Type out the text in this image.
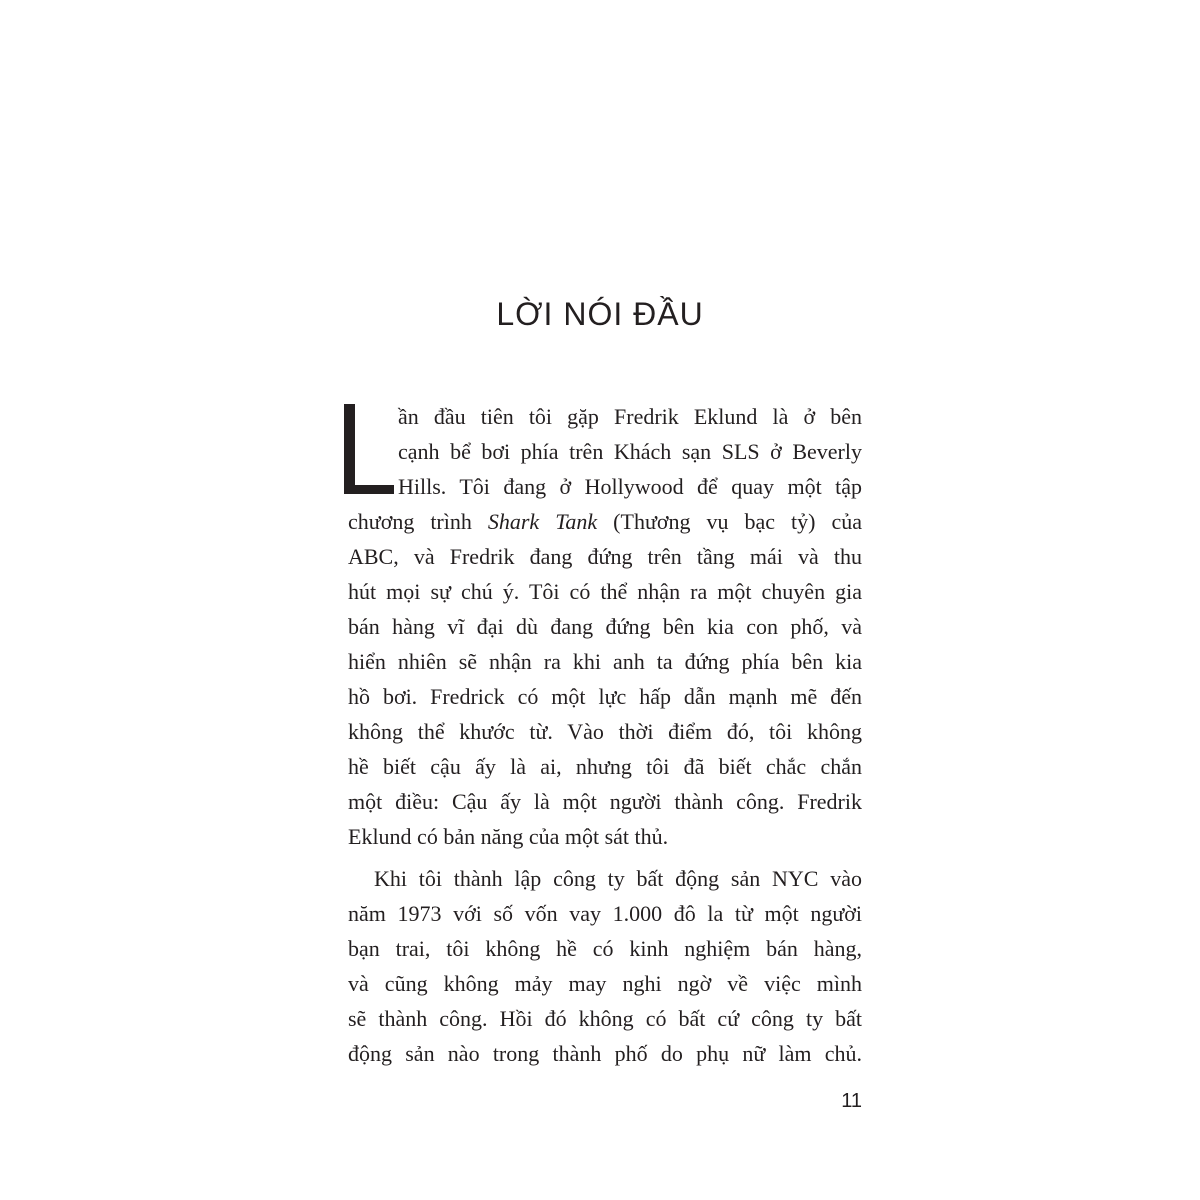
LỜI NÓI ĐẦU

ần đầu tiên tôi gặp Fredrik Eklund là ở bên

cạnh bể bơi phía trên Khách sạn SLS ở Beverly

Hills. Tôi đang ở Hollywood để quay một tập

chương trình Shark Tank (Thương vụ bạc tỷ) của

ABC, và Fredrik đang đứng trên tầng mái và thu

hút mọi sự chú ý. Tôi có thể nhận ra một chuyên gia

bán hàng vĩ đại dù đang đứng bên kia con phố, và

hiển nhiên sẽ nhận ra khi anh ta đứng phía bên kia

hồ bơi. Fredrick có một lực hấp dẫn mạnh mẽ đến

không thể khước từ. Vào thời điểm đó, tôi không

hề biết cậu ấy là ai, nhưng tôi đã biết chắc chắn

một điều: Cậu ấy là một người thành công. Fredrik

Eklund có bản năng của một sát thủ.

Khi tôi thành lập công ty bất động sản NYC vào

năm 1973 với số vốn vay 1.000 đô la từ một người

bạn trai, tôi không hề có kinh nghiệm bán hàng,

và cũng không mảy may nghi ngờ về việc mình

sẽ thành công. Hồi đó không có bất cứ công ty bất

động sản nào trong thành phố do phụ nữ làm chủ.

11
